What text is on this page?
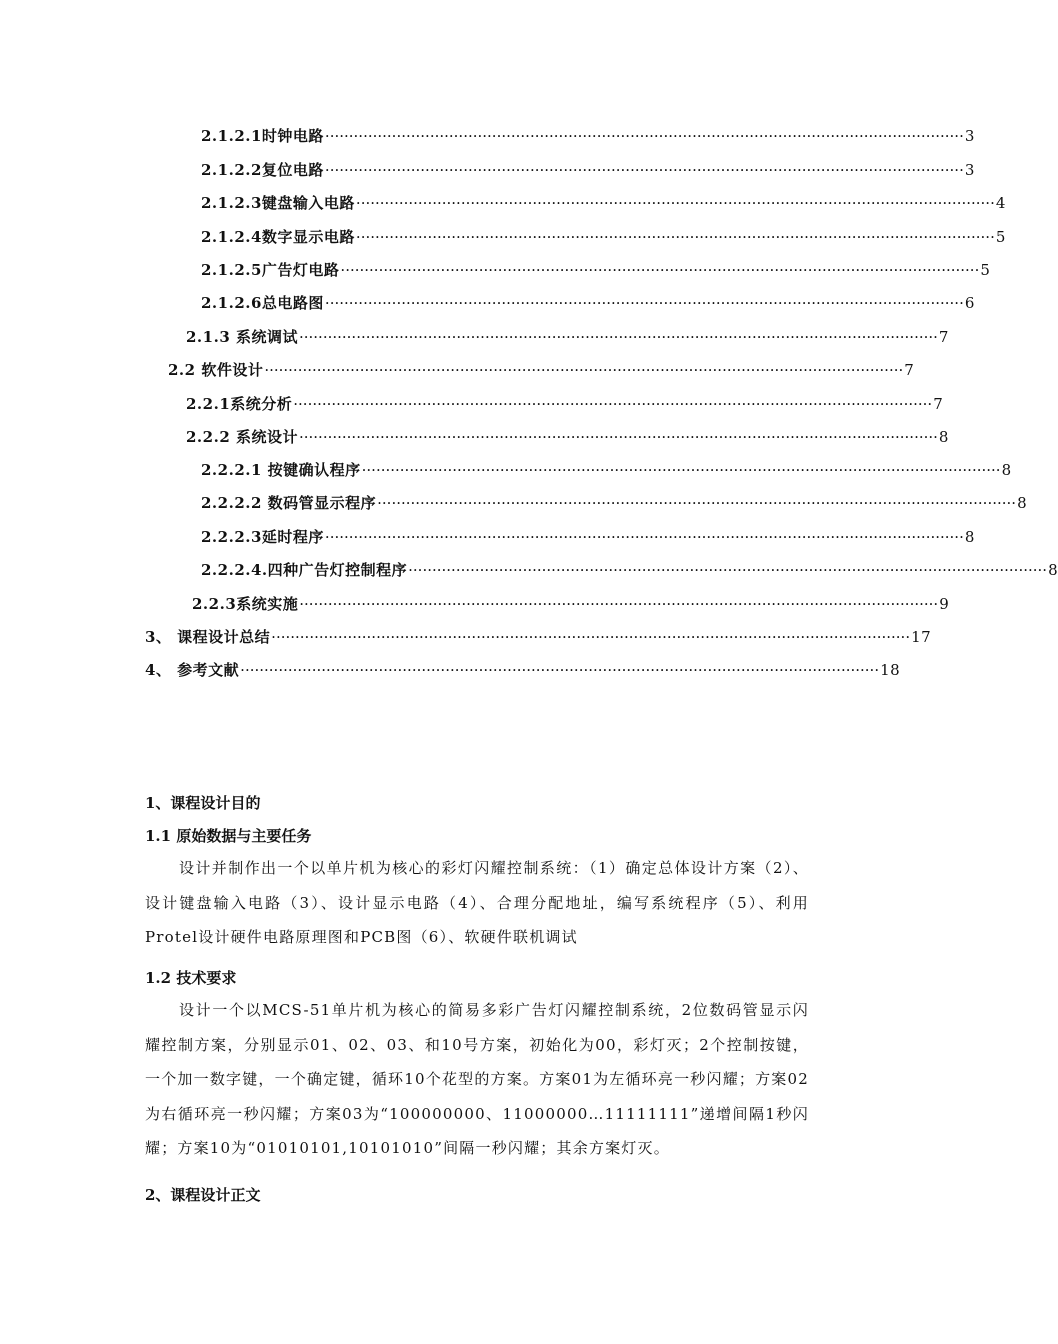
2.1.2.1时钟电路 ······································································································································ 3
2.1.2.2复位电路 ······································································································································ 3
2.1.2.3键盘输入电路 ······································································································································ 4
2.1.2.4数字显示电路 ······································································································································ 5
2.1.2.5广告灯电路 ······································································································································ 5
2.1.2.6总电路图 ······································································································································ 6
2.1.3 系统调试 ······································································································································ 7
2.2 软件设计 ······································································································································ 7
2.2.1系统分析 ······································································································································ 7
2.2.2 系统设计 ······································································································································ 8
2.2.2.1 按键确认程序 ······································································································································ 8
2.2.2.2 数码管显示程序 ······································································································································ 8
2.2.2.3延时程序 ······································································································································ 8
2.2.2.4.四种广告灯控制程序 ······································································································································ 8
2.2.3系统实施 ······································································································································ 9
3、 课程设计总结 ······································································································································ 17
4、 参考文献 ······································································································································ 18
1、课程设计目的
1.1 原始数据与主要任务
设计并制作出一个以单片机为核心的彩灯闪耀控制系统：（1）确定总体设计方案（2）、设计键盘输入电路（3）、设计显示电路（4）、合理分配地址，编写系统程序（5）、利用Protel设计硬件电路原理图和PCB图（6）、软硬件联机调试
1.2 技术要求
设计一个以MCS-51单片机为核心的简易多彩广告灯闪耀控制系统，2位数码管显示闪耀控制方案，分别显示01、02、03、和10号方案，初始化为00，彩灯灭；2个控制按键，一个加一数字键，一个确定键，循环10个花型的方案。方案01为左循环亮一秒闪耀；方案02为右循环亮一秒闪耀；方案03为“100000000、11000000…11111111”递增间隔1秒闪耀；方案10为“01010101,10101010”间隔一秒闪耀；其余方案灯灭。
2、课程设计正文
